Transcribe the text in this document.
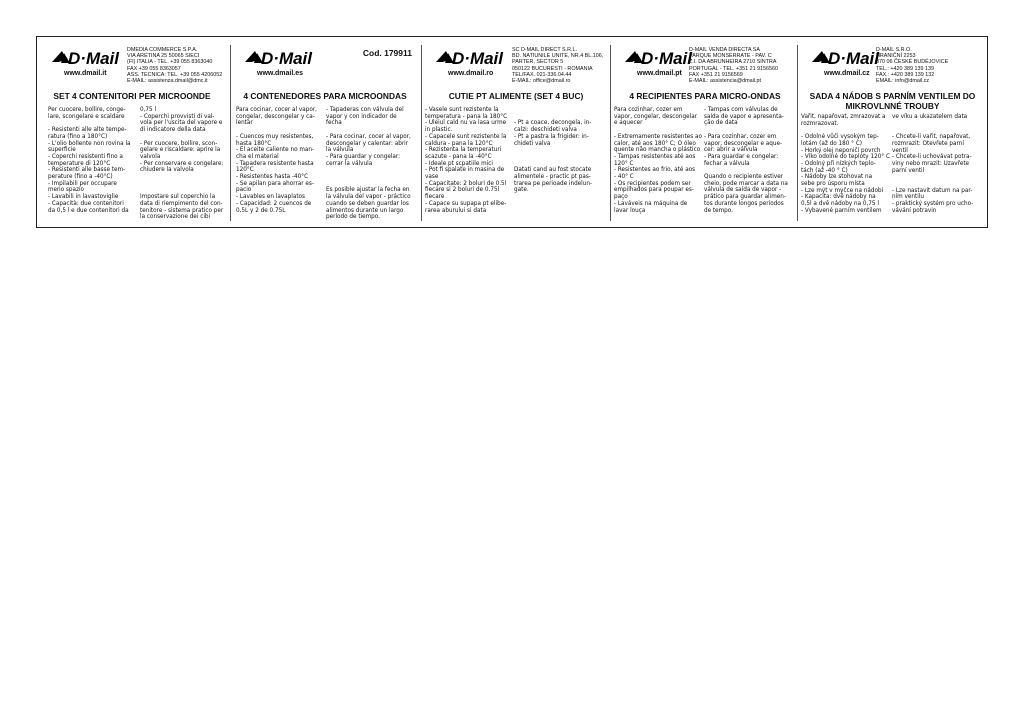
D·Mail
www.dmail.it
DMEDIA COMMERCE S.P.A.
VIA ARETINA 25 50065 SIECI
(FI) ITALIA - TEL. +39 055 8363040
FAX +39 055 8363057
ASS. TECNICA: TEL. +39 055 4206052
E-MAIL: assistenza.dmail@dmc.it
SET 4 CONTENITORI PER MICROONDE
Per cuocere, bollire, conge-
lare, scongelare e scaldare

- Resistenti alle alte tempe-
ratura (fino a 180°C)
- L'olio bollente non rovina la
superficie
- Coperchi resistenti fino a
temperature di 120°C
- Resistenti alle basse tem-
perature (fino a -40°C)
- Impilabili per occupare
meno spazio
- Lavabili in lavastoviglie
- Capacità: due contenitori
da 0,5 l e due contenitori da
0,75 l
- Coperchi provvisti di val-
vola per l'uscita del vapore e
di indicatore della data

- Per cuocere, bollire, scon-
gelare e riscaldare: aprire la
valvola
- Per conservare e congelare:
chiudere la valvola

Impostare sul coperchio la
data di riempimento del con-
tenitore - sistema pratico per
la conservazione dei cibi
D·Mail
www.dmail.es
Cod. 179911
4 CONTENEDORES PARA MICROONDAS
Para cocinar, cocer al vapor,
congelar, descongelar y ca-
lentar

- Cuencos muy resistentes,
hasta 180°C
- El aceite caliente no man-
cha el material
- Tapadera resistente hasta
120°C
- Resistentes hasta -40°C
- Se apilan para ahorrar es-
pacio
- Lavables en lavaplatos
- Capacidad: 2 cuencos de
0,5L y 2 de 0.75L
- Tapaderas con válvula del
vapor y con indicador de
fecha

- Para cocinar, cocer al vapor,
descongelar y calentar: abrir
la válvula
- Para guardar y congelar:
cerrar la válvula

Es posible ajustar la fecha en
la válvula del vapor - práctico
cuando se deben guardar los
alimentos durante un largo
período de tiempo.
D·Mail
www.dmail.ro
SC D-MAIL DIRECT S.R.L.
BD. NATIUNILE UNITE, NR.4 BL.106,
PARTER, SECTOR 5
050122 BUCURESTI - ROMANIA
TEL/FAX. 021-336.04.44
E-MAIL: office@dmail.ro
CUTIE PT ALIMENTE (SET 4 BUC)
- Vasele sunt rezistente la
temperatura - pana la 180°C
- Uleiul cald nu va lasa urme
in plastic.
- Capacele sunt rezistente la
caldura - pana la 120°C
- Rezistenta la temperaturi
scazute - pana la -40°C
- Ideale pt scpatiile mici
- Pot fi spalate in masina de
vase
- Capacitate: 2 boluri de 0.5l
fiecare si 2 boluri de 0.75l
fiecare
- Capace su supapa pt elibe-
rarea aburului si data

- Pt a coace, decongela, in-
calzi: deschideti valva
- Pt a pastra la frigider: in-
chideti valva

Datati cand au fost stocate
alimentele - practic pt pas-
trarea pe perioade indelun-
gate.
D·Mail
www.dmail.pt
D-MAIL VENDA DIRECTA SA
PARQUE MONSERRATE - PAV. C
Z.I. DA ABRUNHEIRA 2710 SINTRA
PORTUGAL - TEL. +351 21 9156560
FAX +351 21 9156569
E-MAIL: assistencia@dmail.pt
4 RECIPIENTES PARA MICRO-ONDAS
Para cozinhar, cozer em
vapor, congelar, descongelar
e aquecer

- Extremamente resistentes ao
calor, até aos 180° C; O óleo
quente não mancha o plástico
- Tampas resistentes até aos
120° C
- Resistentes ao frio, até aos
- 40° C
- Os recipientes podem ser
empilhados para poupar es-
paço
- Laváveis na máquina de
lavar louça
- Tampas com válvulas de
saída de vapor e apresenta-
ção de data

- Para cozinhar, cozer em
vapor, descongelar e aque-
cer: abrir a válvula
- Para guardar e congelar:
fechar a válvula

Quando o recipiente estiver
cheio, pode marcar a data na
válvula de saída de vapor -
prático para guardar alimen-
tos durante longos períodos
de tempo.
D·Mail
www.dmail.cz
D-MAIL S.R.O.
HRANIČNÍ 2253
370 06 ČESKÉ BUDĚJOVICE
TEL.: +420 389 139 139
FAX.: +420 389 139 132
EMAIL: info@dmail.cz
SADA 4 NÁDOB S PARNÍM VENTILEM DO
MIKROVLNNÉ TROUBY
Vařit, napařovat, zmrazovat a
rozmrazovat.

- Odolné vůči vysokým tep-
lotám (až do 180 ° C)
- Horký olej neponičí povrch
- Víko odolné do teploty 120° C
- Odolný při nízkých teplo-
tách (až -40 ° C)
- Nádoby lze stohovat na
sebe pro úsporu místa
- Lze mýt v myčce na nádobí
- Kapacita: dvě nádoby na
0,5l a dvě nádoby na 0,75 l
- Vybavené parním ventilem
ve víku a ukazatelem data

- Chcete-li vařit, napařovat,
rozmrazit: Otevřete parní
ventil
- Chcete-li uchovávat potra-
viny nebo mrazit: Uzavřete
parní ventil

- Lze nastavit datum na par-
ním ventilu
- praktický systém pro ucho-
vávání potravin
